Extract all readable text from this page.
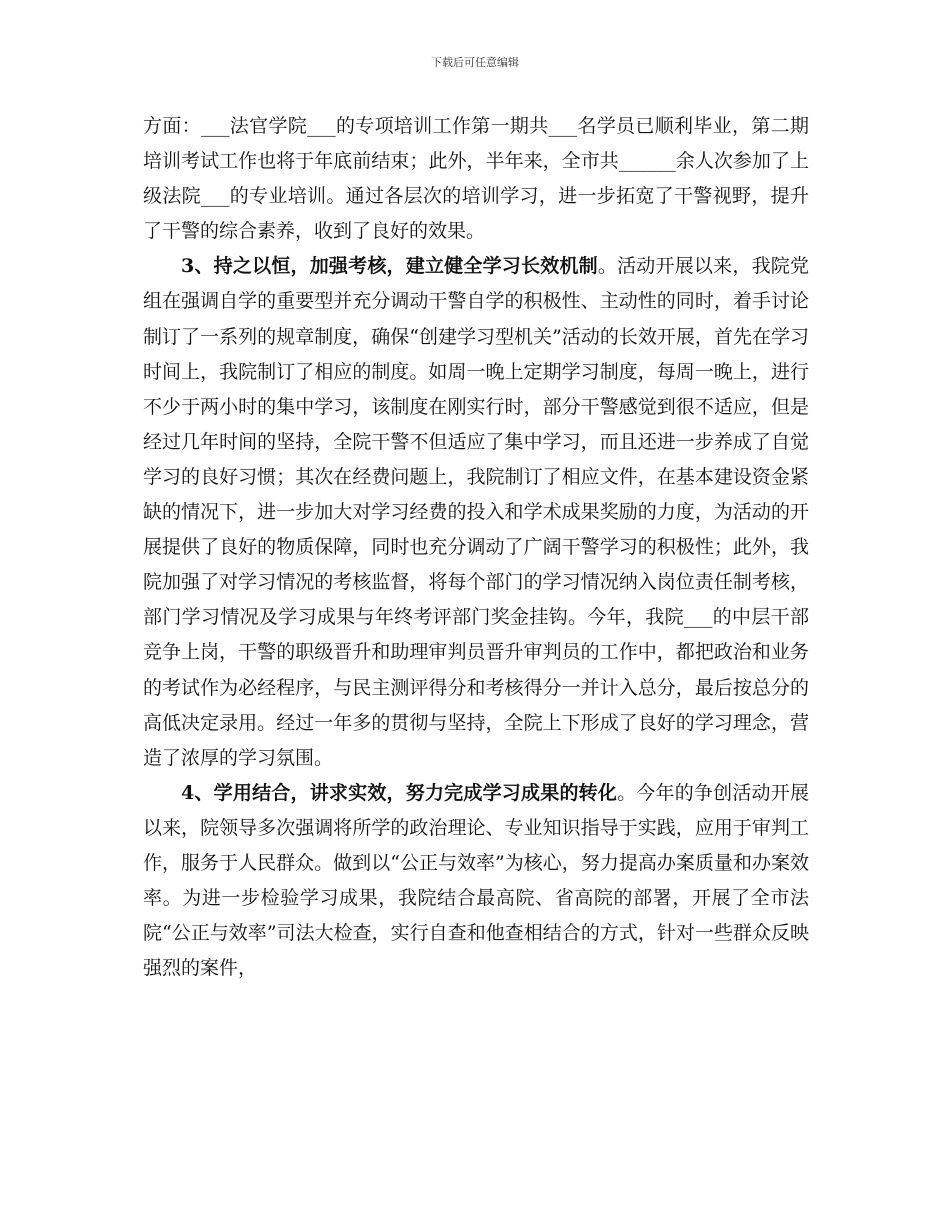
下载后可任意编辑

方面：___法官学院___的专项培训工作第一期共___名学员已顺利毕业，第二期培训考试工作也将于年底前结束；此外，半年来，全市共______余人次参加了上级法院___的专业培训。通过各层次的培训学习，进一步拓宽了干警视野，提升了干警的综合素养，收到了良好的效果。

3、持之以恒，加强考核，建立健全学习长效机制。活动开展以来，我院党组在强调自学的重要型并充分调动干警自学的积极性、主动性的同时，着手讨论制订了一系列的规章制度，确保“创建学习型机关”活动的长效开展，首先在学习时间上，我院制订了相应的制度。如周一晚上定期学习制度，每周一晚上，进行不少于两小时的集中学习，该制度在刚实行时，部分干警感觉到很不适应，但是经过几年时间的坚持，全院干警不但适应了集中学习，而且还进一步养成了自觉学习的良好习惯；其次在经费问题上，我院制订了相应文件，在基本建设资金紧缺的情况下，进一步加大对学习经费的投入和学术成果奖励的力度，为活动的开展提供了良好的物质保障，同时也充分调动了广阔干警学习的积极性；此外，我院加强了对学习情况的考核监督，将每个部门的学习情况纳入岗位责任制考核，部门学习情况及学习成果与年终考评部门奖金挂钩。今年，我院___的中层干部竞争上岗，干警的职级晋升和助理审判员晋升审判员的工作中，都把政治和业务的考试作为必经程序，与民主测评得分和考核得分一并计入总分，最后按总分的高低决定录用。经过一年多的贯彻与坚持，全院上下形成了良好的学习理念，营造了浓厚的学习氛围。

4、学用结合，讲求实效，努力完成学习成果的转化。今年的争创活动开展以来，院领导多次强调将所学的政治理论、专业知识指导于实践，应用于审判工作，服务于人民群众。做到以“公正与效率”为核心，努力提高办案质量和办案效率。为进一步检验学习成果，我院结合最高院、省高院的部署，开展了全市法院“公正与效率”司法大检查，实行自查和他查相结合的方式，针对一些群众反映强烈的案件，
